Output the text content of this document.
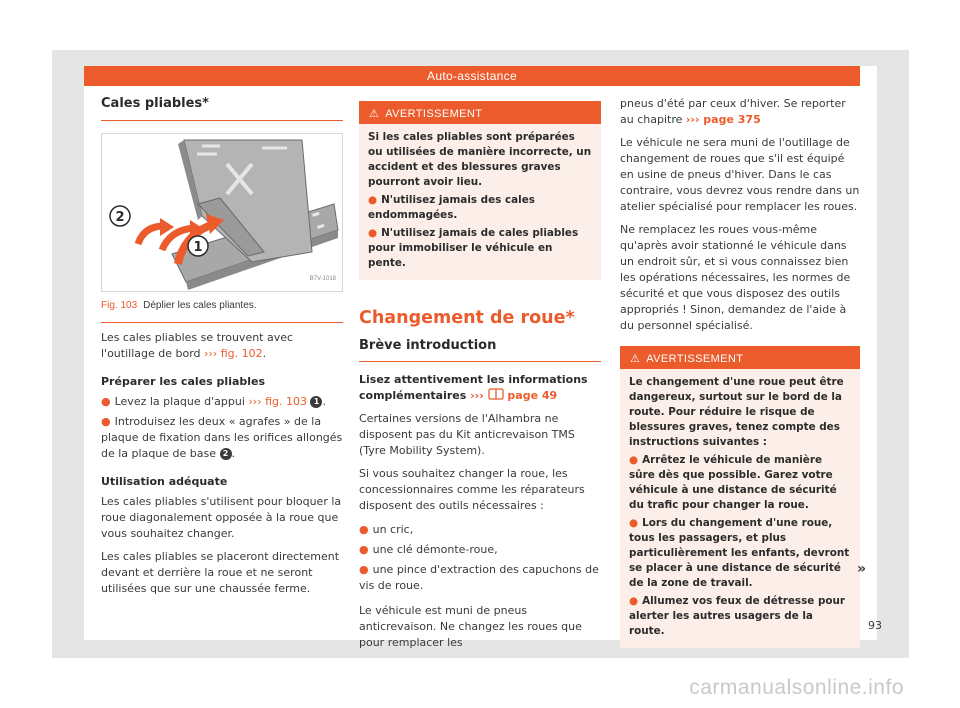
Auto-assistance
Cales pliables*
2
1
B7V-1018
Fig. 103 Déplier les cales pliantes.

Les cales pliables se trouvent avec l'outillage de bord ››› fig. 102.

Préparer les cales pliables
● Levez la plaque d'appui ››› fig. 103 1 .
● Introduisez les deux « agrafes » de la plaque de fixation dans les orifices allongés de la plaque de base 2 .
Utilisation adéquate

Les cales pliables s'utilisent pour bloquer la roue diagonalement opposée à la roue que vous souhaitez changer.

Les cales pliables se placeront directement devant et derrière la roue et ne seront utilisées que sur une chaussée ferme.

⚠ AVERTISSEMENT
Si les cales pliables sont préparées ou utilisées de manière incorrecte, un accident et des blessures graves pourront avoir lieu.
● N'utilisez jamais des cales endommagées.
● N'utilisez jamais de cales pliables pour immobiliser le véhicule en pente.
Changement de roue*
Brève introduction
Lisez attentivement les informations complémentaires ››› page 49

Certaines versions de l'Alhambra ne disposent pas du Kit anticrevaison TMS (Tyre Mobility System).

Si vous souhaitez changer la roue, les concessionnaires comme les réparateurs disposent des outils nécessaires :

● un cric,
● une clé démonte-roue,
● une pince d'extraction des capuchons de vis de roue.

Le véhicule est muni de pneus anticrevaison. Ne changez les roues que pour remplacer les

pneus d'été par ceux d'hiver. Se reporter au chapitre ››› page 375

Le véhicule ne sera muni de l'outillage de changement de roues que s'il est équipé en usine de pneus d'hiver. Dans le cas contraire, vous devrez vous rendre dans un atelier spécialisé pour remplacer les roues.

Ne remplacez les roues vous-même qu'après avoir stationné le véhicule dans un endroit sûr, et si vous connaissez bien les opérations nécessaires, les normes de sécurité et que vous disposez des outils appropriés ! Sinon, demandez de l'aide à du personnel spécialisé.

⚠ AVERTISSEMENT
Le changement d'une roue peut être dangereux, surtout sur le bord de la route. Pour réduire le risque de blessures graves, tenez compte des instructions suivantes :
● Arrêtez le véhicule de manière sûre dès que possible. Garez votre véhicule à une distance de sécurité du trafic pour changer la roue.
● Lors du changement d'une roue, tous les passagers, et plus particulièrement les enfants, devront se placer à une distance de sécurité de la zone de travail.
● Allumez vos feux de détresse pour alerter les autres usagers de la route.
»
93
carmanualsonline.info
